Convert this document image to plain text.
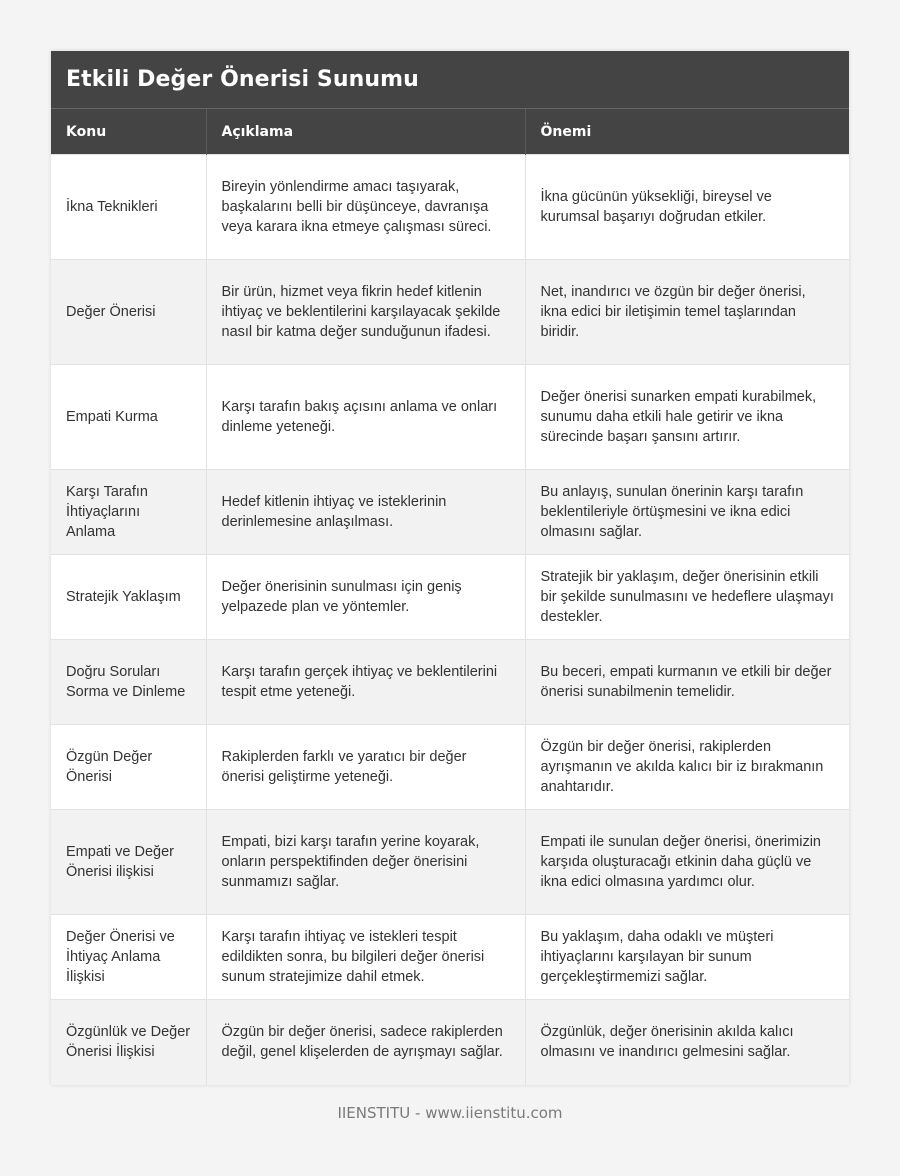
Etkili Değer Önerisi Sunumu
Konu	Açıklama	Önemi
İkna Teknikleri	Bireyin yönlendirme amacı taşıyarak, başkalarını belli bir düşünceye, davranışa veya karara ikna etmeye çalışması süreci.	İkna gücünün yüksekliği, bireysel ve kurumsal başarıyı doğrudan etkiler.
Değer Önerisi	Bir ürün, hizmet veya fikrin hedef kitlenin ihtiyaç ve beklentilerini karşılayacak şekilde nasıl bir katma değer sunduğunun ifadesi.	Net, inandırıcı ve özgün bir değer önerisi, ikna edici bir iletişimin temel taşlarından biridir.
Empati Kurma	Karşı tarafın bakış açısını anlama ve onları dinleme yeteneği.	Değer önerisi sunarken empati kurabilmek, sunumu daha etkili hale getirir ve ikna sürecinde başarı şansını artırır.
Karşı Tarafın İhtiyaçlarını Anlama	Hedef kitlenin ihtiyaç ve isteklerinin derinlemesine anlaşılması.	Bu anlayış, sunulan önerinin karşı tarafın beklentileriyle örtüşmesini ve ikna edici olmasını sağlar.
Stratejik Yaklaşım	Değer önerisinin sunulması için geniş yelpazede plan ve yöntemler.	Stratejik bir yaklaşım, değer önerisinin etkili bir şekilde sunulmasını ve hedeflere ulaşmayı destekler.
Doğru Soruları Sorma ve Dinleme	Karşı tarafın gerçek ihtiyaç ve beklentilerini tespit etme yeteneği.	Bu beceri, empati kurmanın ve etkili bir değer önerisi sunabilmenin temelidir.
Özgün Değer Önerisi	Rakiplerden farklı ve yaratıcı bir değer önerisi geliştirme yeteneği.	Özgün bir değer önerisi, rakiplerden ayrışmanın ve akılda kalıcı bir iz bırakmanın anahtarıdır.
Empati ve Değer Önerisi ilişkisi	Empati, bizi karşı tarafın yerine koyarak, onların perspektifinden değer önerisini sunmamızı sağlar.	Empati ile sunulan değer önerisi, önerimizin karşıda oluşturacağı etkinin daha güçlü ve ikna edici olmasına yardımcı olur.
Değer Önerisi ve İhtiyaç Anlama İlişkisi	Karşı tarafın ihtiyaç ve istekleri tespit edildikten sonra, bu bilgileri değer önerisi sunum stratejimize dahil etmek.	Bu yaklaşım, daha odaklı ve müşteri ihtiyaçlarını karşılayan bir sunum gerçekleştirmemizi sağlar.
Özgünlük ve Değer Önerisi İlişkisi	Özgün bir değer önerisi, sadece rakiplerden değil, genel klişelerden de ayrışmayı sağlar.	Özgünlük, değer önerisinin akılda kalıcı olmasını ve inandırıcı gelmesini sağlar.
IIENSTITU - www.iienstitu.com
